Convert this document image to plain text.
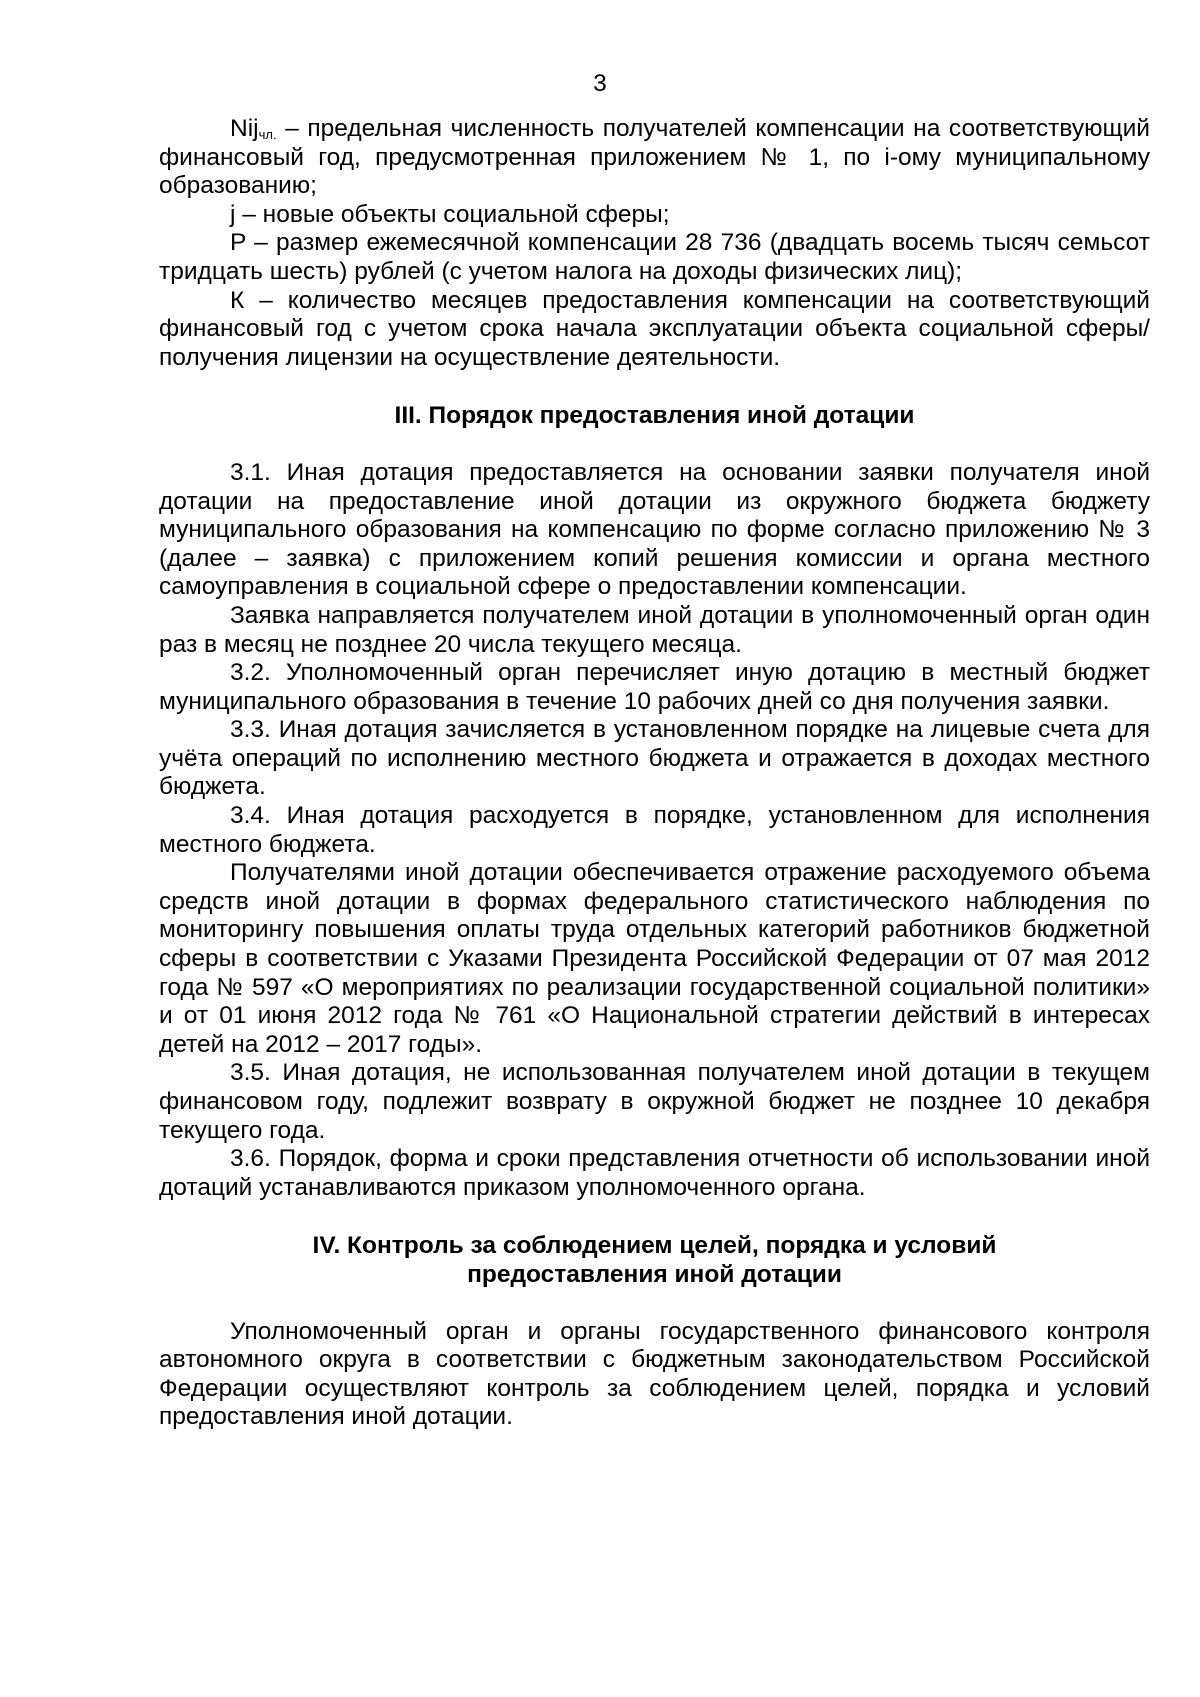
3

Nij$_{чл.}$ – предельная численность получателей компенсации на соответствующий финансовый год, предусмотренная приложением № 1, по i-ому муниципальному образованию;

j – новые объекты социальной сферы;

P – размер ежемесячной компенсации 28 736 (двадцать восемь тысяч семьсот тридцать шесть) рублей (с учетом налога на доходы физических лиц);

К – количество месяцев предоставления компенсации на соответствующий финансовый год с учетом срока начала эксплуатации объекта социальной сферы/получения лицензии на осуществление деятельности.

III. Порядок предоставления иной дотации

3.1. Иная дотация предоставляется на основании заявки получателя иной дотации на предоставление иной дотации из окружного бюджета бюджету муниципального образования на компенсацию по форме согласно приложению № 3 (далее – заявка) с приложением копий решения комиссии и органа местного самоуправления в социальной сфере о предоставлении компенсации.

Заявка направляется получателем иной дотации в уполномоченный орган один раз в месяц не позднее 20 числа текущего месяца.

3.2. Уполномоченный орган перечисляет иную дотацию в местный бюджет муниципального образования в течение 10 рабочих дней со дня получения заявки.

3.3. Иная дотация зачисляется в установленном порядке на лицевые счета для учёта операций по исполнению местного бюджета и отражается в доходах местного бюджета.

3.4. Иная дотация расходуется в порядке, установленном для исполнения местного бюджета.

Получателями иной дотации обеспечивается отражение расходуемого объема средств иной дотации в формах федерального статистического наблюдения по мониторингу повышения оплаты труда отдельных категорий работников бюджетной сферы в соответствии с Указами Президента Российской Федерации от 07 мая 2012 года № 597 «О мероприятиях по реализации государственной социальной политики» и от 01 июня 2012 года № 761 «О Национальной стратегии действий в интересах детей на 2012 – 2017 годы».

3.5. Иная дотация, не использованная получателем иной дотации в текущем финансовом году, подлежит возврату в окружной бюджет не позднее 10 декабря текущего года.

3.6. Порядок, форма и сроки представления отчетности об использовании иной дотаций устанавливаются приказом уполномоченного органа.

IV. Контроль за соблюдением целей, порядка и условий
предоставления иной дотации

Уполномоченный орган и органы государственного финансового контроля автономного округа в соответствии с бюджетным законодательством Российской Федерации осуществляют контроль за соблюдением целей, порядка и условий предоставления иной дотации.
